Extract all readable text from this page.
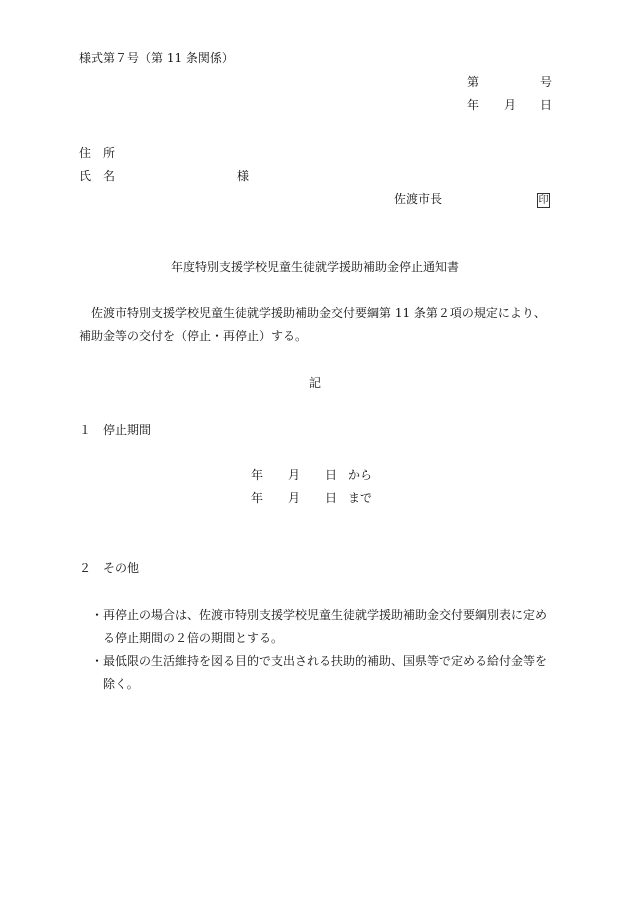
様式第７号（第 11 条関係）
第	号
年 月 日
住　所
氏　名	様
佐渡市長	印
年度特別支援学校児童生徒就学援助補助金停止通知書
佐渡市特別支援学校児童生徒就学援助補助金交付要綱第 11 条第２項の規定により、
補助金等の交付を（停止・再停止）する。
記
１ 停止期間
年 月 日 から
年 月 日 まで
２ その他
・再停止の場合は、佐渡市特別支援学校児童生徒就学援助補助金交付要綱別表に定め
る停止期間の２倍の期間とする。
・最低限の生活維持を図る目的で支出される扶助的補助、国県等で定める給付金等を
除く。
